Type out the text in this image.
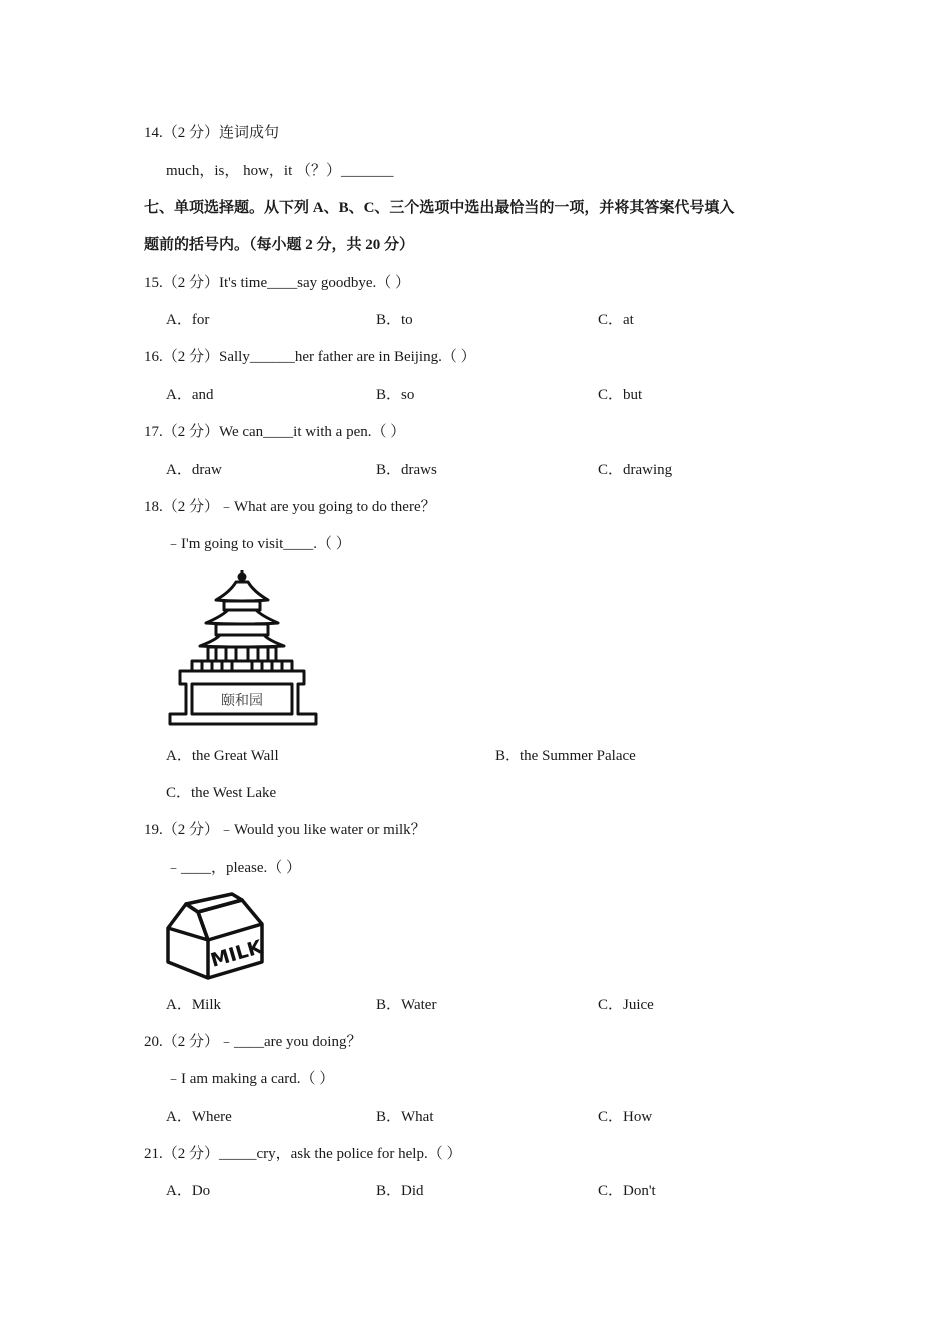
14.（2 分）连词成句
much，is， how，it （？）_______
七、单项选择题。从下列 A、B、C、三个选项中选出最恰当的一项，并将其答案代号填入
题前的括号内。（每小题 2 分，共 20 分）
15.（2 分）It's time____say goodbye.（ ）
A．for	B．to	C．at
16.（2 分）Sally______her father are in Beijing.（ ）
A．and	B．so	C．but
17.（2 分）We can____it with a pen.（ ）
A．draw	B．draws	C．drawing
18.（2 分）﹣What are you going to do there？
﹣I'm going to visit____.（ ）
颐和园
A．the Great Wall	B．the Summer Palace
C．the West Lake
19.（2 分）﹣Would you like water or milk？
﹣____，please.（ ）
MILK
A．Milk	B．Water	C．Juice
20.（2 分）﹣____are you doing？
﹣I am making a card.（ ）
A．Where	B．What	C．How
21.（2 分）_____cry，ask the police for help.（ ）
A．Do	B．Did	C．Don't
